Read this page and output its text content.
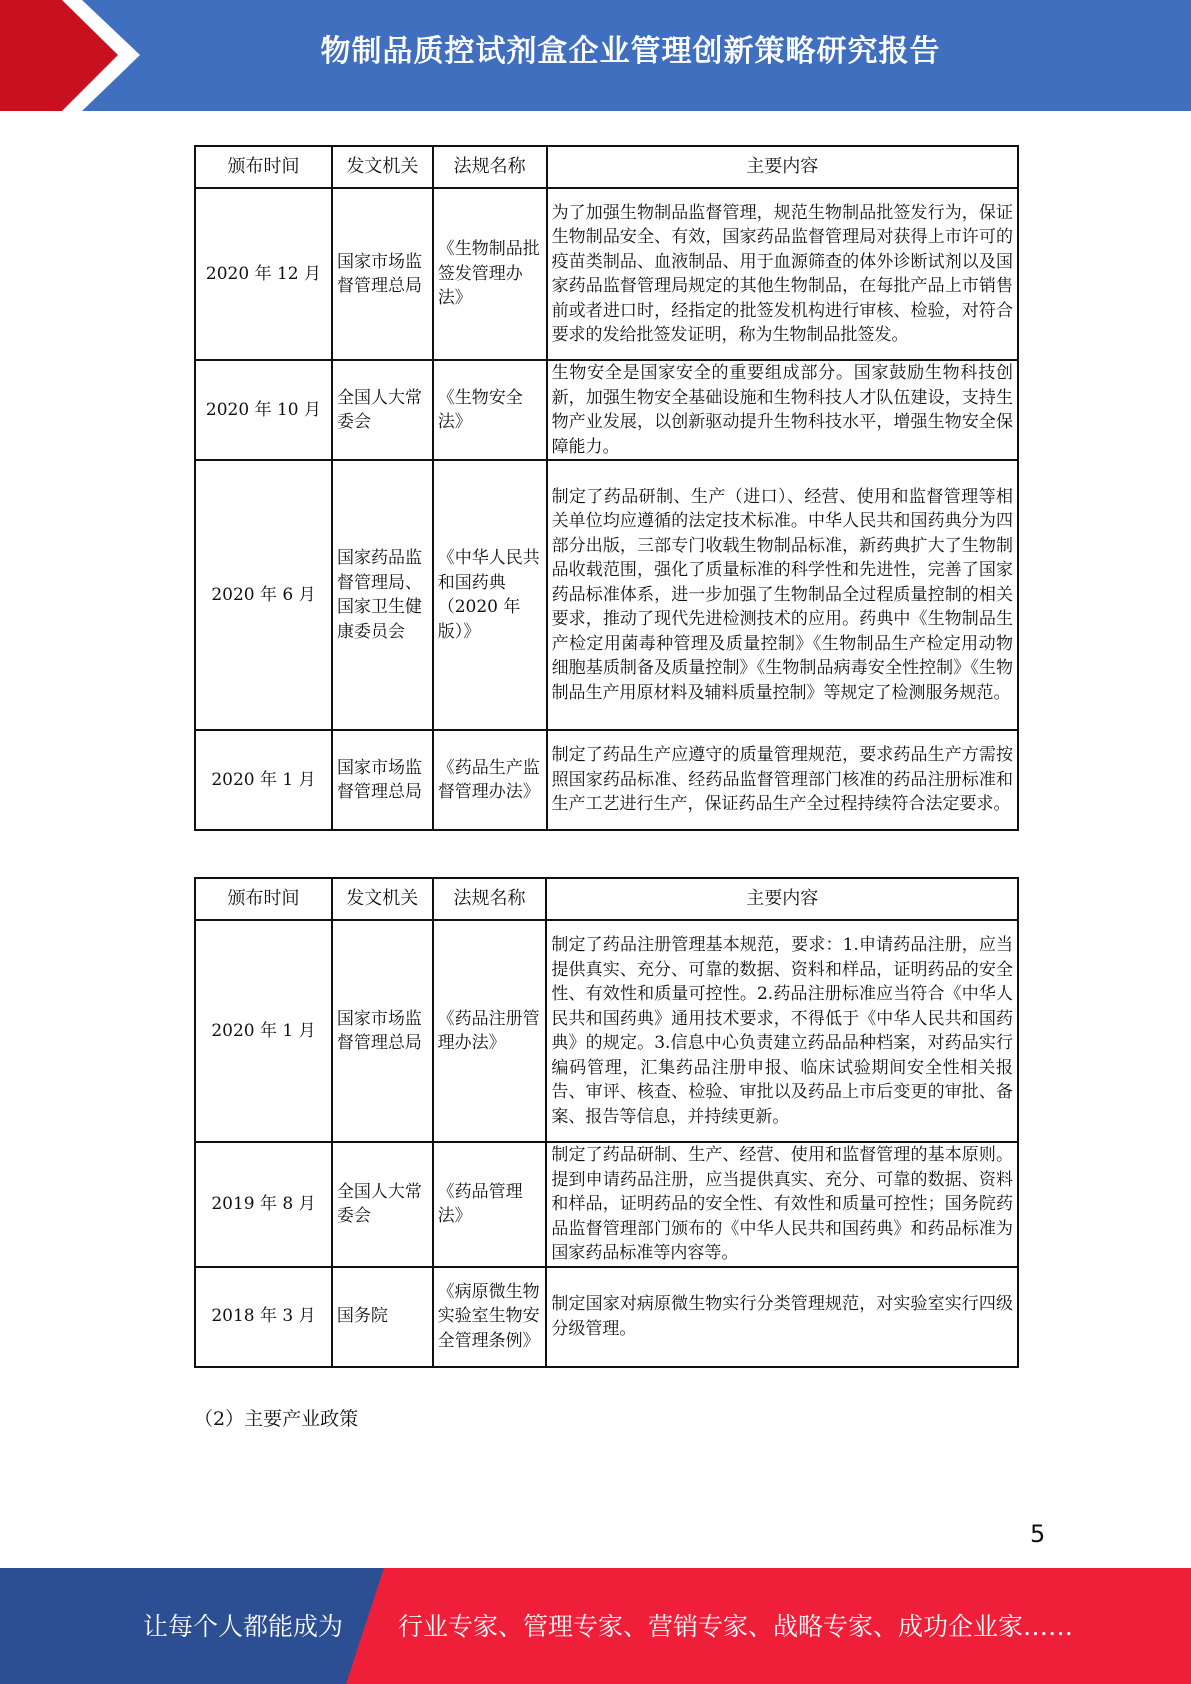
物制品质控试剂盒企业管理创新策略研究报告
颁布时间	发文机关	法规名称	主要内容
2020 年 12 月	国家市场监督管理总局	《生物制品批签发管理办法》	为了加强生物制品监督管理，规范生物制品批签发行为，保证生物制品安全、有效，国家药品监督管理局对获得上市许可的疫苗类制品、血液制品、用于血源筛查的体外诊断试剂以及国家药品监督管理局规定的其他生物制品，在每批产品上市销售前或者进口时，经指定的批签发机构进行审核、检验，对符合要求的发给批签发证明，称为生物制品批签发。
2020 年 10 月	全国人大常委会	《生物安全法》	生物安全是国家安全的重要组成部分。国家鼓励生物科技创新，加强生物安全基础设施和生物科技人才队伍建设，支持生物产业发展，以创新驱动提升生物科技水平，增强生物安全保障能力。
2020 年 6 月	国家药品监督管理局、国家卫生健康委员会	《中华人民共和国药典（2020 年版）》	制定了药品研制、生产（进口）、经营、使用和监督管理等相关单位均应遵循的法定技术标准。中华人民共和国药典分为四部分出版，三部专门收载生物制品标准，新药典扩大了生物制品收载范围，强化了质量标准的科学性和先进性，完善了国家药品标准体系，进一步加强了生物制品全过程质量控制的相关要求，推动了现代先进检测技术的应用。药典中《生物制品生产检定用菌毒种管理及质量控制》《生物制品生产检定用动物细胞基质制备及质量控制》《生物制品病毒安全性控制》《生物制品生产用原材料及辅料质量控制》等规定了检测服务规范。
2020 年 1 月	国家市场监督管理总局	《药品生产监督管理办法》	制定了药品生产应遵守的质量管理规范，要求药品生产方需按照国家药品标准、经药品监督管理部门核准的药品注册标准和生产工艺进行生产，保证药品生产全过程持续符合法定要求。
颁布时间	发文机关	法规名称	主要内容
2020 年 1 月	国家市场监督管理总局	《药品注册管理办法》	制定了药品注册管理基本规范，要求：1.申请药品注册，应当提供真实、充分、可靠的数据、资料和样品，证明药品的安全性、有效性和质量可控性。2.药品注册标准应当符合《中华人民共和国药典》通用技术要求，不得低于《中华人民共和国药典》的规定。3.信息中心负责建立药品品种档案，对药品实行编码管理，汇集药品注册申报、临床试验期间安全性相关报告、审评、核查、检验、审批以及药品上市后变更的审批、备案、报告等信息，并持续更新。
2019 年 8 月	全国人大常委会	《药品管理法》	制定了药品研制、生产、经营、使用和监督管理的基本原则。提到申请药品注册，应当提供真实、充分、可靠的数据、资料和样品，证明药品的安全性、有效性和质量可控性；国务院药品监督管理部门颁布的《中华人民共和国药典》和药品标准为国家药品标准等内容等。
2018 年 3 月	国务院	《病原微生物实验室生物安全管理条例》	制定国家对病原微生物实行分类管理规范，对实验室实行四级分级管理。
（2）主要产业政策
5
让每个人都能成为 行业专家、管理专家、营销专家、战略专家、成功企业家……
